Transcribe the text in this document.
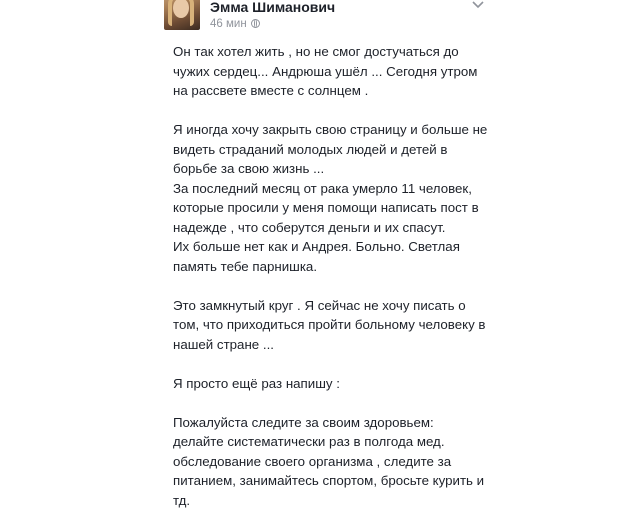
Эмма Шиманович
46 мин

Он так хотел жить , но не смог достучаться до
чужих сердец... Андрюша ушёл ... Сегодня утром
на рассвете вместе с солнцем .

Я иногда хочу закрыть свою страницу и больше не
видеть страданий молодых людей и детей в
борьбе за свою жизнь ...
За последний месяц от рака умерло 11 человек,
которые просили у меня помощи написать пост в
надежде , что соберутся деньги и их спасут.
Их больше нет как и Андрея. Больно. Светлая
память тебе парнишка.

Это замкнутый круг . Я сейчас не хочу писать о
том, что приходиться пройти больному человеку в
нашей стране ...

Я просто ещё раз напишу :

Пожалуйста следите за своим здоровьем:
делайте систематически раз в полгода мед.
обследование своего организма , следите за
питанием, занимайтесь спортом, бросьте курить и
тд.
